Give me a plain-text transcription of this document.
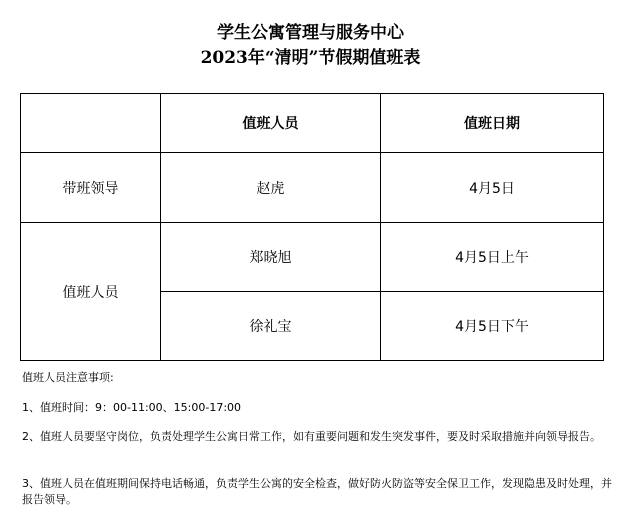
学生公寓管理与服务中心
2023年“清明”节假期值班表
	值班人员	值班日期
带班领导	赵虎	4月5日
值班人员	郑晓旭	4月5日上午
	徐礼宝	4月5日下午
值班人员注意事项:
1、值班时间：9：00-11:00、15:00-17:00
2、值班人员要坚守岗位，负责处理学生公寓日常工作，如有重要问题和发生突发事件，要及时采取措施并向领导报告。
3、值班人员在值班期间保持电话畅通，负责学生公寓的安全检查，做好防火防盗等安全保卫工作，发现隐患及时处理，并报告领导。
